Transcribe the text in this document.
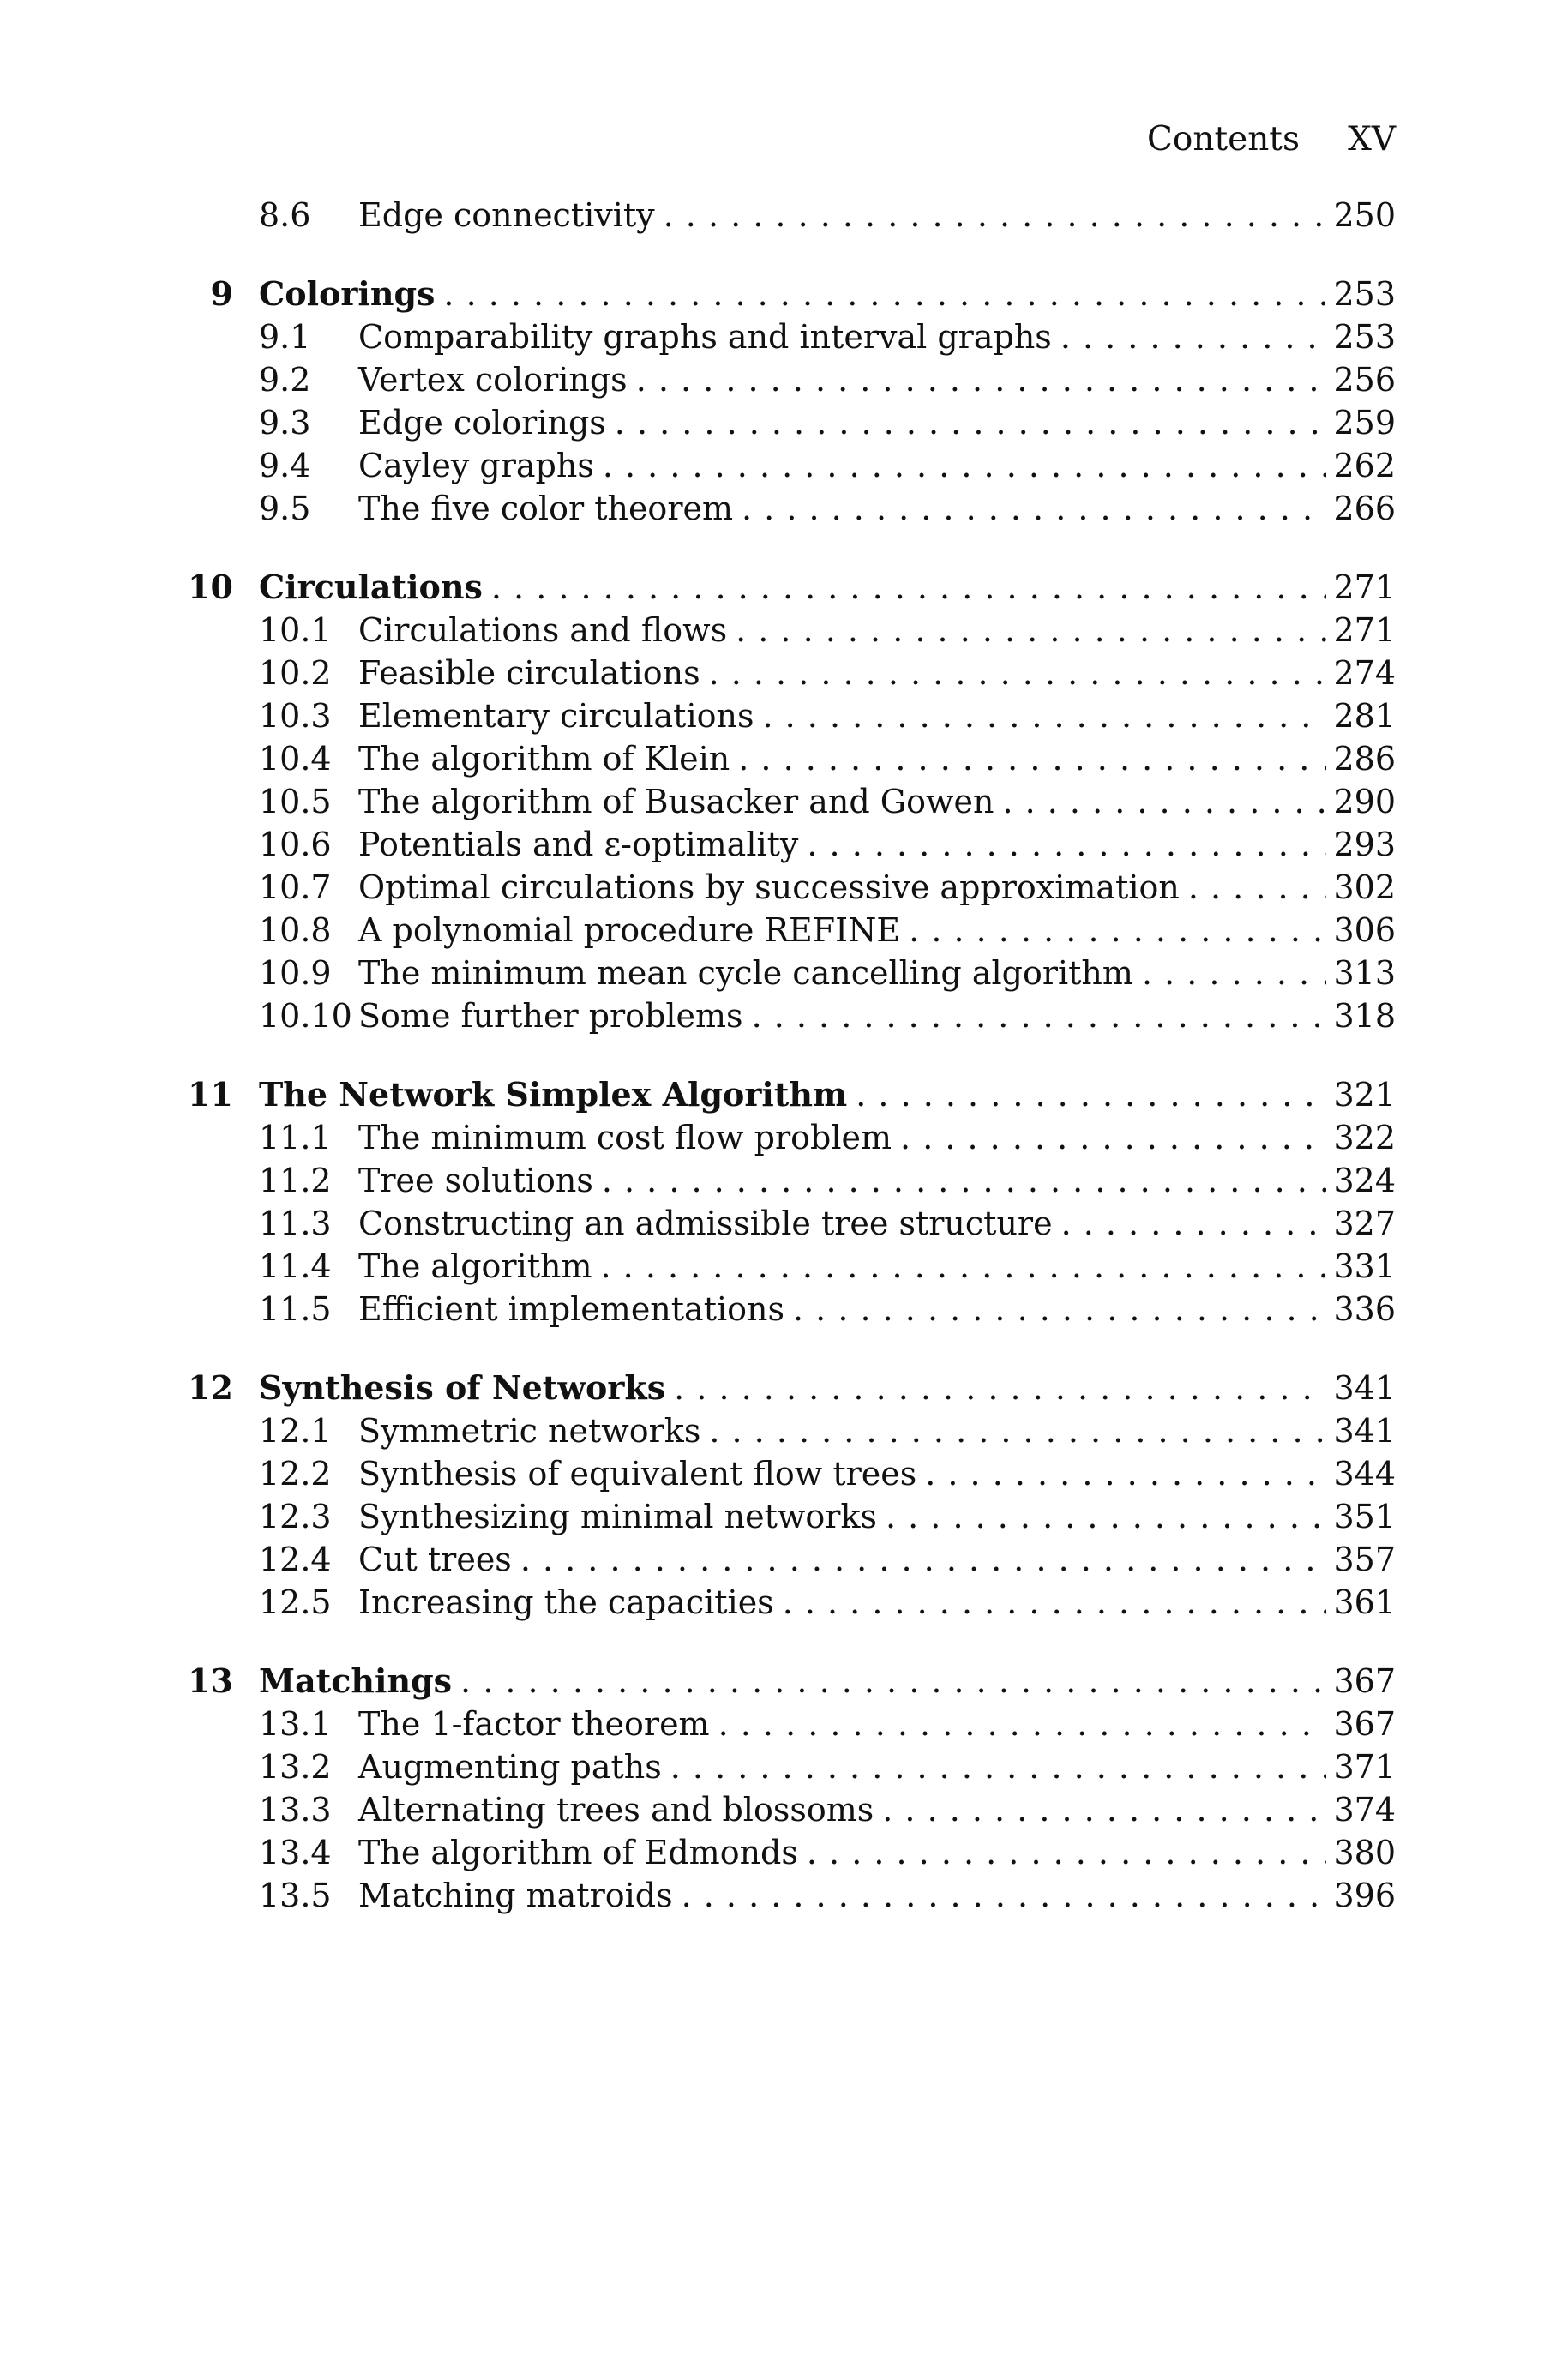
Contents XV
8.6 Edge connectivity . . .	250
9 Colorings . . .	253
9.1 Comparability graphs and interval graphs . . .	253
9.2 Vertex colorings . . .	256
9.3 Edge colorings . . .	259
9.4 Cayley graphs . . .	262
9.5 The five color theorem . . .	266
10 Circulations . . .	271
10.1 Circulations and flows . . .	271
10.2 Feasible circulations . . .	274
10.3 Elementary circulations . . .	281
10.4 The algorithm of Klein . . .	286
10.5 The algorithm of Busacker and Gowen . . .	290
10.6 Potentials and ε-optimality . . .	293
10.7 Optimal circulations by successive approximation . . .	302
10.8 A polynomial procedure REFINE . . .	306
10.9 The minimum mean cycle cancelling algorithm . . .	313
10.10 Some further problems . . .	318
11 The Network Simplex Algorithm . . .	321
11.1 The minimum cost flow problem . . .	322
11.2 Tree solutions . . .	324
11.3 Constructing an admissible tree structure . . .	327
11.4 The algorithm . . .	331
11.5 Efficient implementations . . .	336
12 Synthesis of Networks . . .	341
12.1 Symmetric networks . . .	341
12.2 Synthesis of equivalent flow trees . . .	344
12.3 Synthesizing minimal networks . . .	351
12.4 Cut trees . . .	357
12.5 Increasing the capacities . . .	361
13 Matchings . . .	367
13.1 The 1-factor theorem . . .	367
13.2 Augmenting paths . . .	371
13.3 Alternating trees and blossoms . . .	374
13.4 The algorithm of Edmonds . . .	380
13.5 Matching matroids . . .	396
